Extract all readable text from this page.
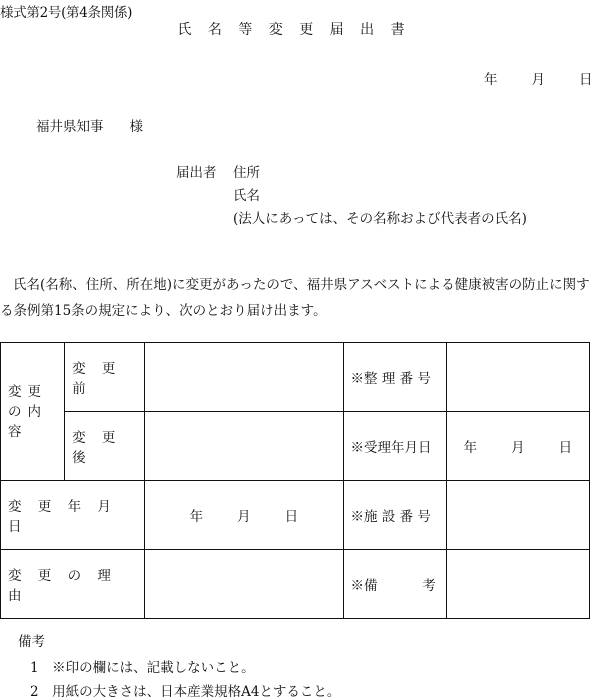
様式第2号(第4条関係)
氏 名 等 変 更 届 出 書
年	月	日
福井県知事 様
届出者 住所
氏名
(法人にあっては、その名称および代表者の氏名)
氏名(名称、住所、所在地)に変更があったので、福井県アスベストによる健康被害の防止に関する条例第15条の規定により、次のとおり届け出ます。
変更の内 容	変 更 前		※整 理 番 号	
	変 更 後		※受理年月日	年 月 日
変 更 年 月 日		年 月 日	※施 設 番 号	
変 更 の 理 由			※備 考	

備考
1　※印の欄には、記載しないこと。
2　用紙の大きさは、日本産業規格A4とすること。
